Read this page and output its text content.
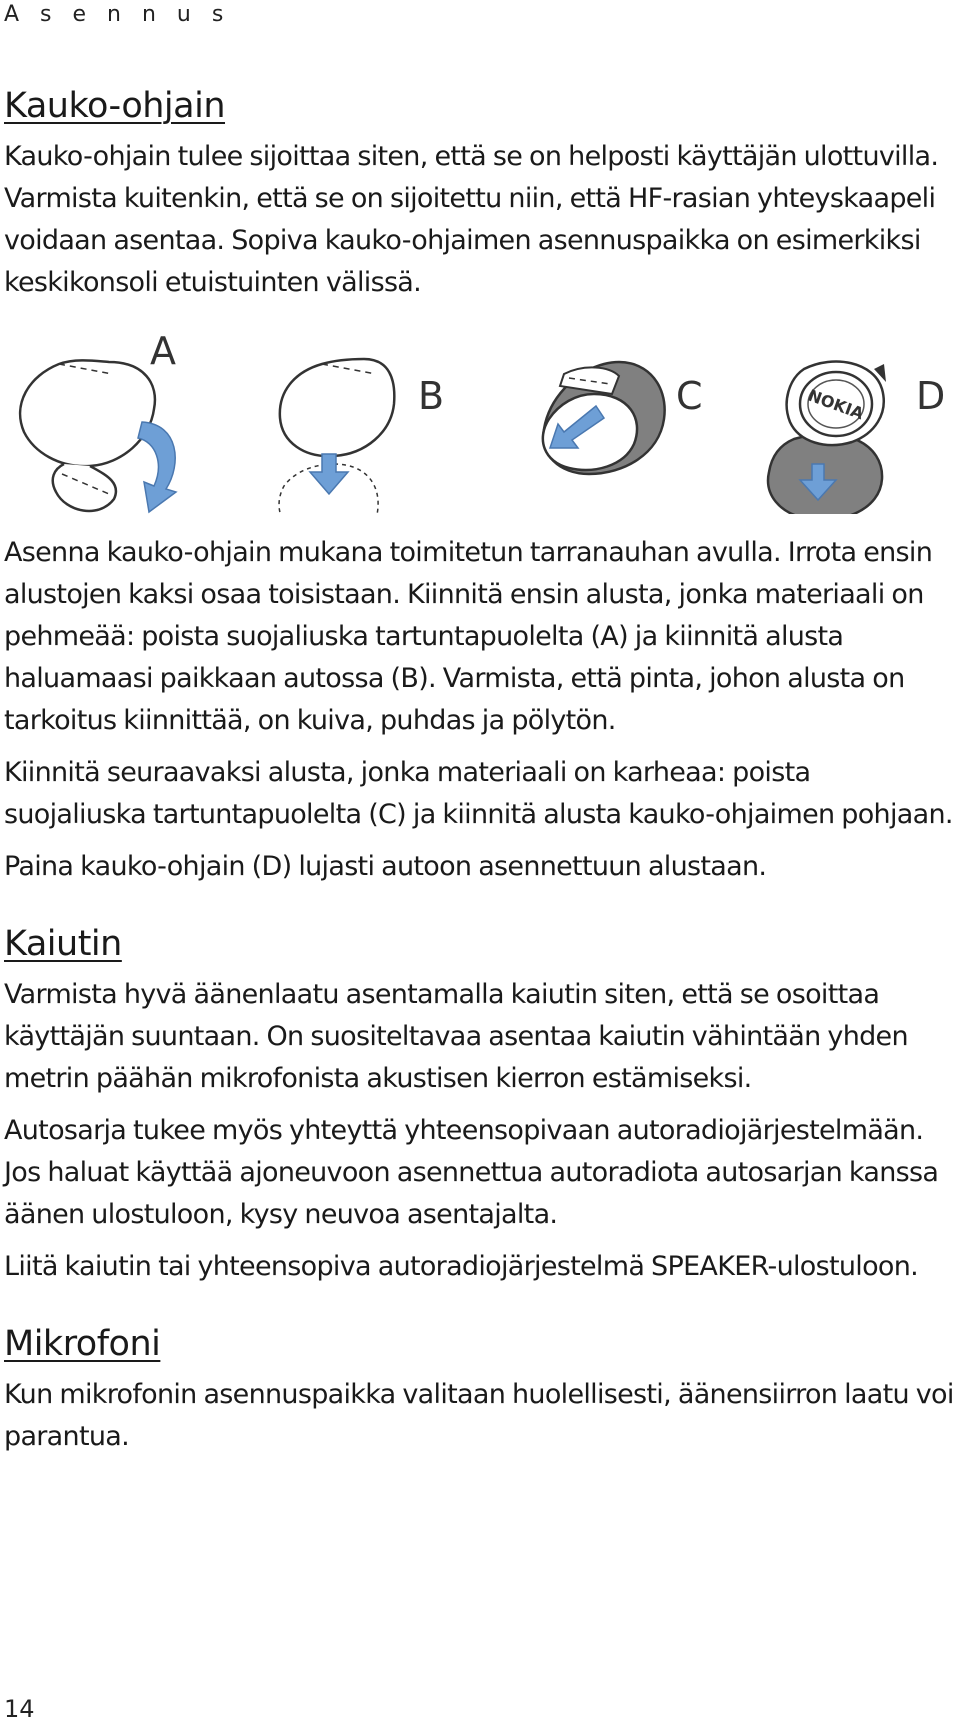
A s e n n u s
Kauko-ohjain

Kauko-ohjain tulee sijoittaa siten, että se on helposti käyttäjän ulottuvilla. Varmista kuitenkin, että se on sijoitettu niin, että HF-rasian yhteyskaapeli voidaan asentaa. Sopiva kauko-ohjaimen asennuspaikka on esimerkiksi keskikonsoli etuistuinten välissä.

A
B	C	NOKIA D

Asenna kauko-ohjain mukana toimitetun tarranauhan avulla. Irrota ensin alustojen kaksi osaa toisistaan. Kiinnitä ensin alusta, jonka materiaali on pehmeää: poista suojaliuska tartuntapuolelta (A) ja kiinnitä alusta haluamaasi paikkaan autossa (B). Varmista, että pinta, johon alusta on tarkoitus kiinnittää, on kuiva, puhdas ja pölytön.

Kiinnitä seuraavaksi alusta, jonka materiaali on karheaa: poista suojaliuska tartuntapuolelta (C) ja kiinnitä alusta kauko-ohjaimen pohjaan.

Paina kauko-ohjain (D) lujasti autoon asennettuun alustaan.

Kaiutin

Varmista hyvä äänenlaatu asentamalla kaiutin siten, että se osoittaa käyttäjän suuntaan. On suositeltavaa asentaa kaiutin vähintään yhden metrin päähän mikrofonista akustisen kierron estämiseksi.

Autosarja tukee myös yhteyttä yhteensopivaan autoradiojärjestelmään. Jos haluat käyttää ajoneuvoon asennettua autoradiota autosarjan kanssa äänen ulostuloon, kysy neuvoa asentajalta.

Liitä kaiutin tai yhteensopiva autoradiojärjestelmä SPEAKER-ulostuloon.

Mikrofoni

Kun mikrofonin asennuspaikka valitaan huolellisesti, äänensiirron laatu voi parantua.

14
